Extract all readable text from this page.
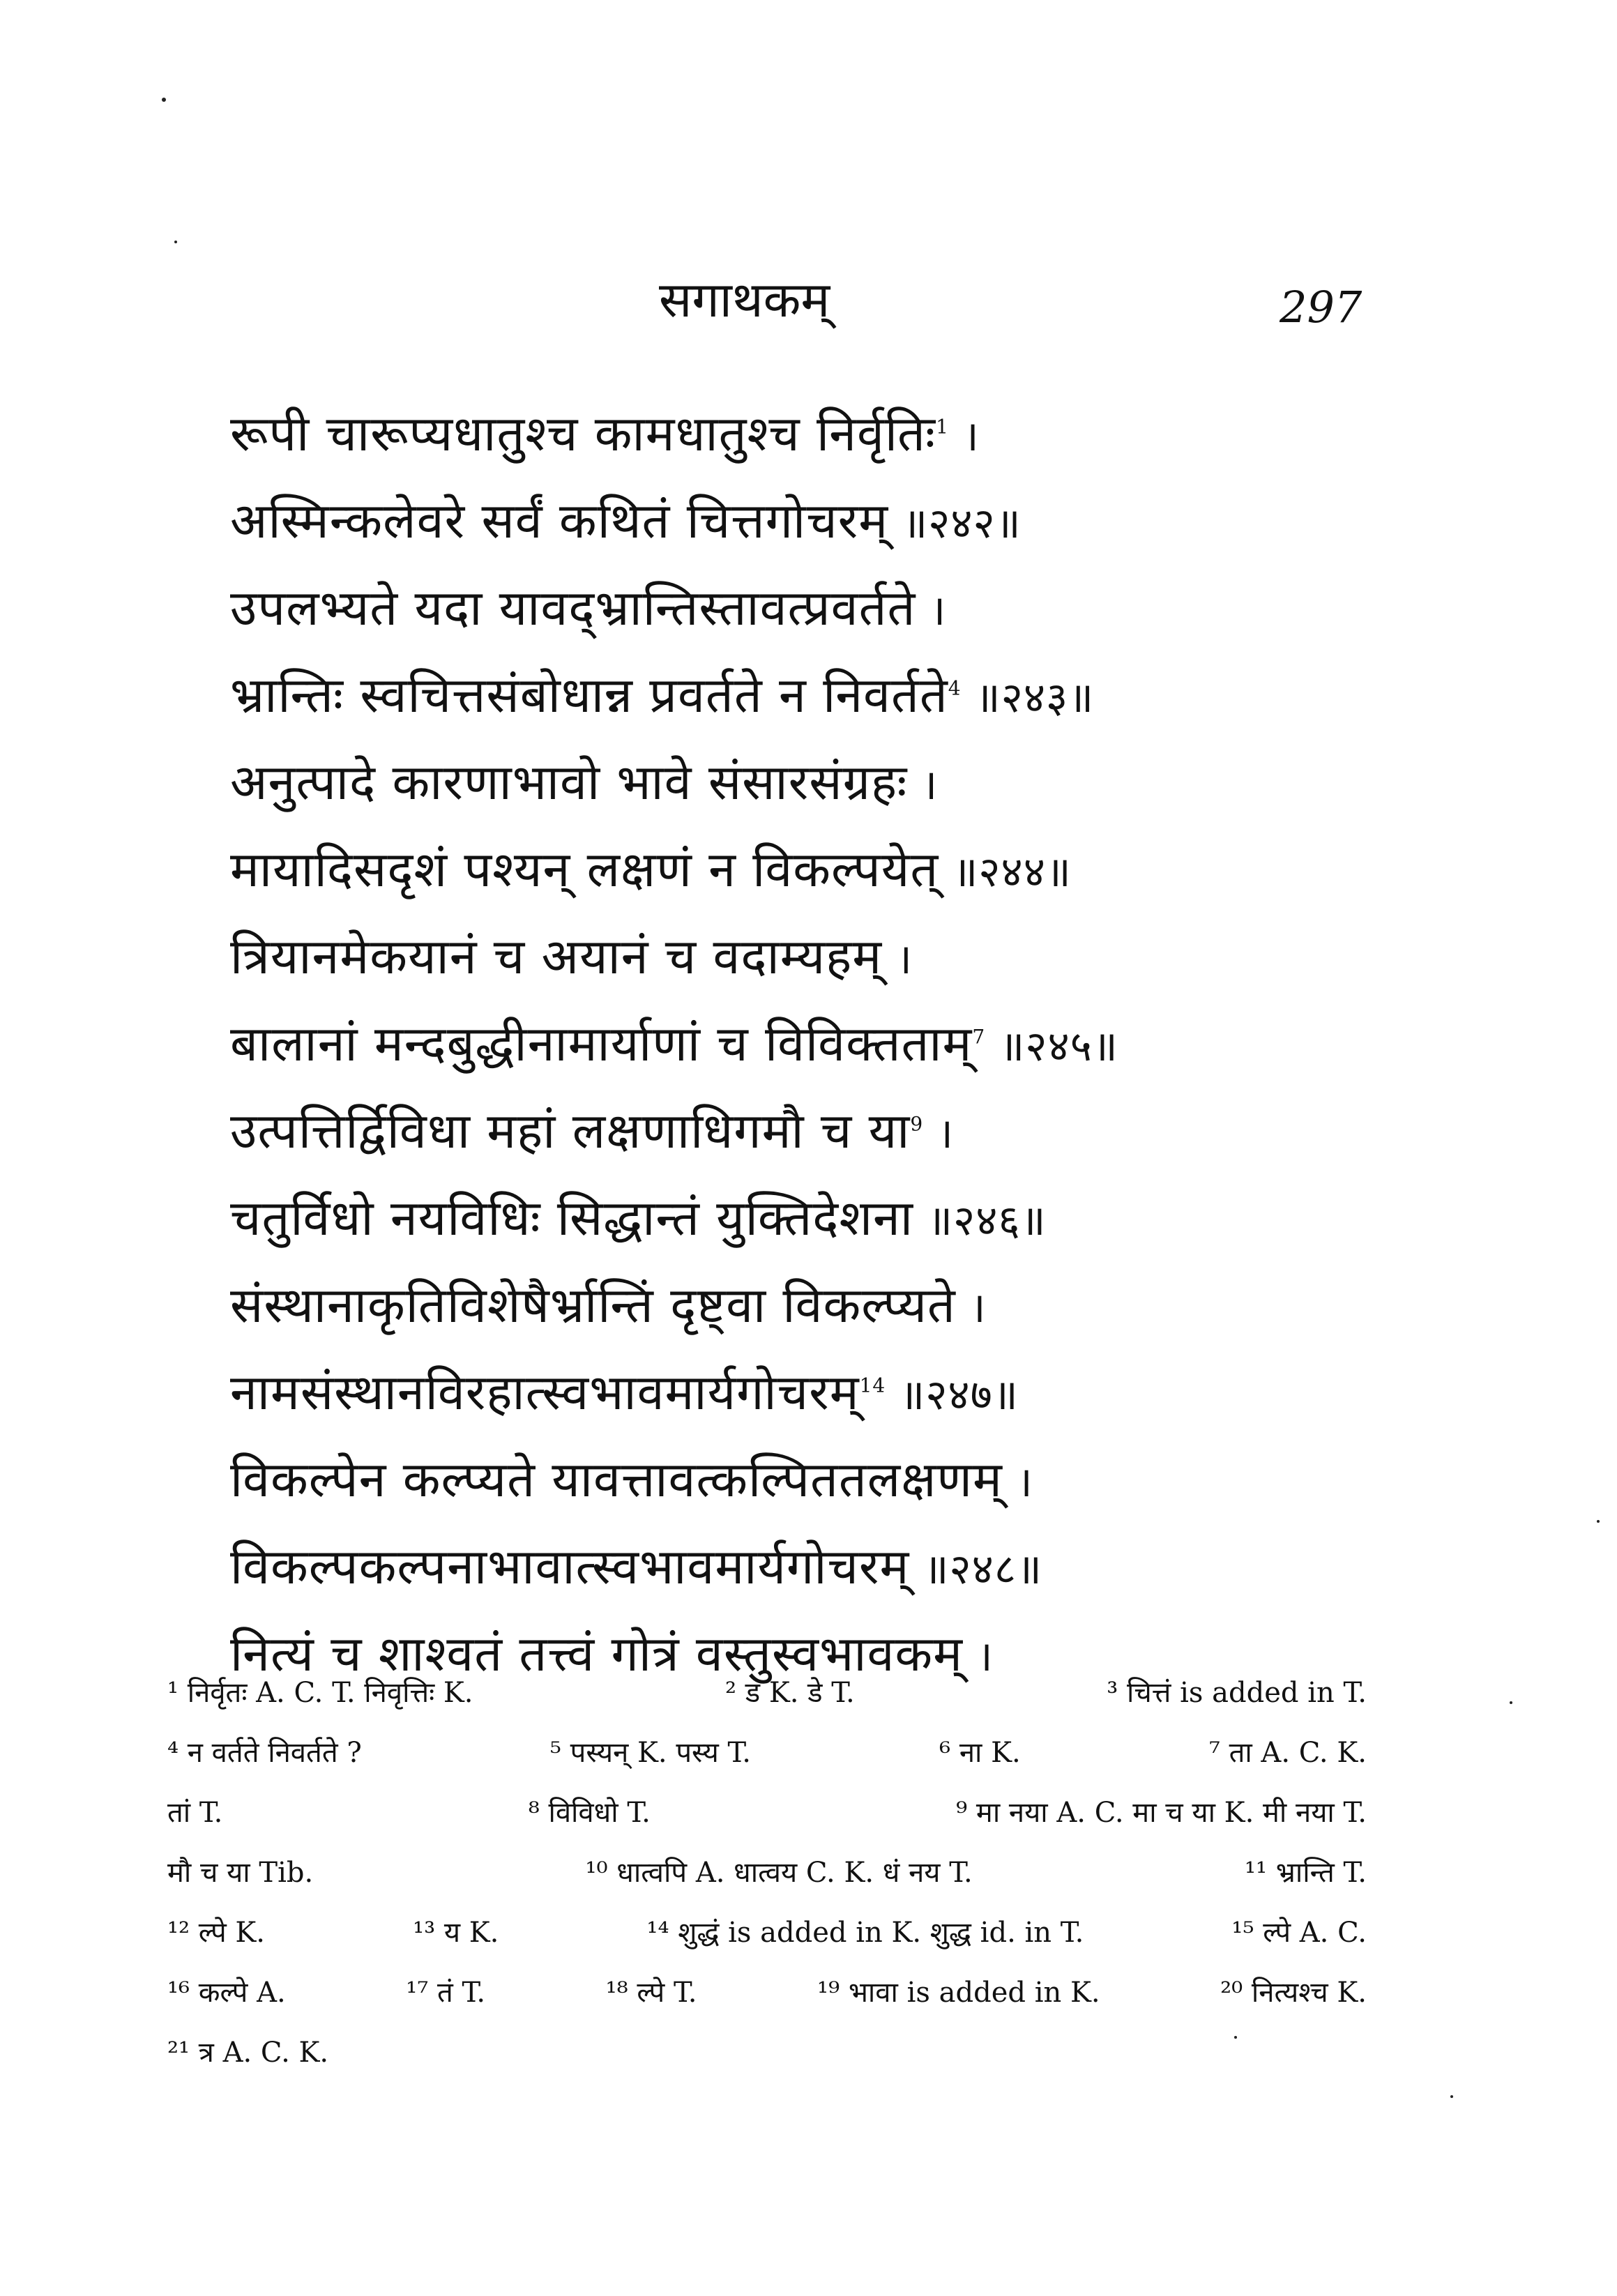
सगाथकम्	297
रूपी चारूप्यधातुश्च कामधातुश्च निर्वृतिः$^1$ ।
अस्मिन्कलेवरे सर्वं कथितं चित्तगोचरम् ॥२४२॥
उपलभ्यते यदा यावद्भ्रान्तिस्तावत्प्रवर्तते ।
भ्रान्तिः स्वचित्तसंबोधान्न प्रवर्तते न निवर्तते$^4$ ॥२४३॥
अनुत्पादे कारणाभावो भावे संसारसंग्रहः ।
मायादिसदृशं पश्यन् लक्षणं न विकल्पयेत् ॥२४४॥
त्रियानमेकयानं च अयानं च वदाम्यहम् ।
बालानां मन्दबुद्धीनामार्याणां च विविक्तताम्$^7$ ॥२४५॥
उत्पत्तिर्द्विविधा महां लक्षणाधिगमौ च या$^9$ ।
चतुर्विधो नयविधिः सिद्धान्तं युक्तिदेशना ॥२४६॥
संस्थानाकृतिविशेषैर्भ्रान्तिं दृष्ट्वा विकल्प्यते ।
नामसंस्थानविरहात्स्वभावमार्यगोचरम्$^{14}$ ॥२४७॥
विकल्पेन कल्प्यते यावत्तावत्कल्पिततलक्षणम् ।
विकल्पकल्पनाभावात्स्वभावमार्यगोचरम् ॥२४८॥
नित्यं च शाश्वतं तत्त्वं गोत्रं वस्तुस्वभावकम् ।
¹ निर्वृतः A. C. T. निवृत्तिः K.	² ड K. डे T.	³ चित्तं is added in T.
⁴ न वर्तते निवर्तते ?	⁵ पस्यन् K. पस्य T.	⁶ ना K.	⁷ ता A. C. K.
तां T.	⁸ विविधो T.	⁹ मा नया A. C. मा च या K. मी नया T.
मौ च या Tib.	¹⁰ धात्वपि A. धात्वय C. K. धं नय T.	¹¹ भ्रान्ति T.
¹² ल्पे K.	¹³ य K.	¹⁴ शुद्धं is added in K. शुद्ध id. in T.	¹⁵ ल्पे A. C.
¹⁶ कल्पे A.	¹⁷ तं T.	¹⁸ ल्पे T.	¹⁹ भावा is added in K.	²⁰ नित्यश्च K.
²¹ त्र A. C. K.
